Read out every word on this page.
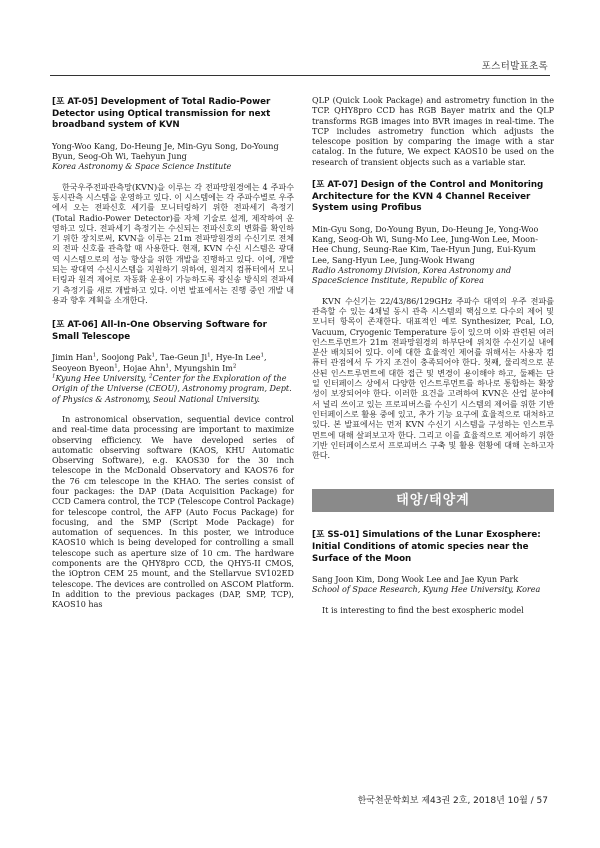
포스터발표초록

[포 AT-05] Development of Total Radio-Power Detector using Optical transmission for next broadband system of KVN

Yong-Woo Kang, Do-Heung Je, Min-Gyu Song, Do-Young Byun, Seog-Oh Wi, Taehyun Jung

Korea Astronomy & Space Science Institute

한국우주전파관측망(KVN)을 이루는 각 전파망원경에는 4 주파수 동시관측 시스템을 운영하고 있다. 이 시스템에는 각 주파수별로 우주에서 오는 전파신호 세기를 모니터링하기 위한 전파세기 측정기(Total Radio-Power Detector)를 자체 기술로 설계, 제작하여 운영하고 있다. 전파세기 측정기는 수신되는 전파신호의 변화를 확인하기 위한 장치로써, KVN을 이루는 21m 전파망원경의 수신기로 전체의 전파 신호를 관측할 때 사용한다. 현재, KVN 수신 시스템은 광대역 시스템으로의 성능 향상을 위한 개발을 진행하고 있다. 이에, 개발되는 광대역 수신시스템을 지원하기 위하여, 원격지 컴퓨터에서 모니터링과 원격 제어로 자동화 운용이 가능하도록 광신송 방식의 전파세기 측정기를 새로 개발하고 있다. 이번 발표에서는 진행 중인 개발 내용과 향후 계획을 소개한다.

[포 AT-06] All-In-One Observing Software for Small Telescope

Jimin Han$^1$, Soojong Pak$^1$, Tae-Geun Ji$^1$, Hye-In Lee$^1$, Seoyeon Byeon$^1$, Hojae Ahn$^1$, Myungshin Im$^2$

$^1$Kyung Hee University, $^2$Center for the Exploration of the Origin of the Universe (CEOU), Astronomy program, Dept. of Physics & Astronomy, Seoul National University.

In astronomical observation, sequential device control and real-time data processing are important to maximize observing efficiency. We have developed series of automatic observing software (KAOS, KHU Automatic Observing Software), e.g. KAOS30 for the 30 inch telescope in the McDonald Observatory and KAOS76 for the 76 cm telescope in the KHAO. The series consist of four packages: the DAP (Data Acquisition Package) for CCD Camera control, the TCP (Telescope Control Package) for telescope control, the AFP (Auto Focus Package) for focusing, and the SMP (Script Mode Package) for automation of sequences. In this poster, we introduce KAOS10 which is being developed for controlling a small telescope such as aperture size of 10 cm. The hardware components are the QHY8pro CCD, the QHY5-II CMOS, the iOptron CEM 25 mount, and the Stellarvue SV102ED telescope. The devices are controlled on ASCOM Platform. In addition to the previous packages (DAP, SMP, TCP), KAOS10 has

QLP (Quick Look Package) and astrometry function in the TCP. QHY8pro CCD has RGB Bayer matrix and the QLP transforms RGB images into BVR images in real-time. The TCP includes astrometry function which adjusts the telescope position by comparing the image with a star catalog. In the future, We expect KAOS10 be used on the research of transient objects such as a variable star.

[포 AT-07] Design of the Control and Monitoring Architecture for the KVN 4 Channel Receiver System using Profibus

Min-Gyu Song, Do-Young Byun, Do-Heung Je, Yong-Woo Kang, Seog-Oh Wi, Sung-Mo Lee, Jung-Won Lee, Moon-Hee Chung, Seung-Rae Kim, Tae-Hyun Jung, Eui-Kyum Lee, Sang-Hyun Lee, Jung-Wook Hwang

Radio Astronomy Division, Korea Astronomy and SpaceScience Institute, Republic of Korea

KVN 수신기는 22/43/86/129GHz 주파수 대역의 우주 전파를 관측할 수 있는 4채널 동시 관측 시스템의 핵심으로 다수의 제어 및 모니터 항목이 존재한다. 대표적인 예로 Synthesizer, Pcal, LO, Vacuum, Cryogenic Temperature 등이 있으며 이와 관련된 여러 인스트루먼트가 21m 전파망원경의 하부단에 위치한 수신기실 내에 분산 배치되어 있다. 이에 대한 효율적인 제어를 위해서는 사용자 컴퓨터 관점에서 두 가지 조건이 충족되어야 한다. 첫째, 물리적으로 분산된 인스트루먼트에 대한 접근 및 변경이 용이해야 하고, 둘째는 단일 인터페이스 상에서 다양한 인스트루먼트를 하나로 통합하는 확장성이 보장되어야 한다. 이러한 요건을 고려하여 KVN은 산업 분야에서 널리 쓰이고 있는 프로피버스를 수신기 시스템의 제어를 위한 기반 인터페이스로 활용 중에 있고, 추가 기능 요구에 효율적으로 대처하고 있다. 본 발표에서는 먼저 KVN 수신기 시스템을 구성하는 인스트루먼트에 대해 살펴보고자 한다. 그리고 이를 효율적으로 제어하기 위한 기반 인터페이스로서 프로피버스 구축 및 활용 현황에 대해 논하고자 한다.

태양/태양계

[포 SS-01] Simulations of the Lunar Exosphere: Initial Conditions of atomic species near the Surface of the Moon

Sang Joon Kim, Dong Wook Lee and Jae Kyun Park

School of Space Research, Kyung Hee University, Korea

It is interesting to find the best exospheric model

한국천문학회보 제43권 2호, 2018년 10월 / 57
